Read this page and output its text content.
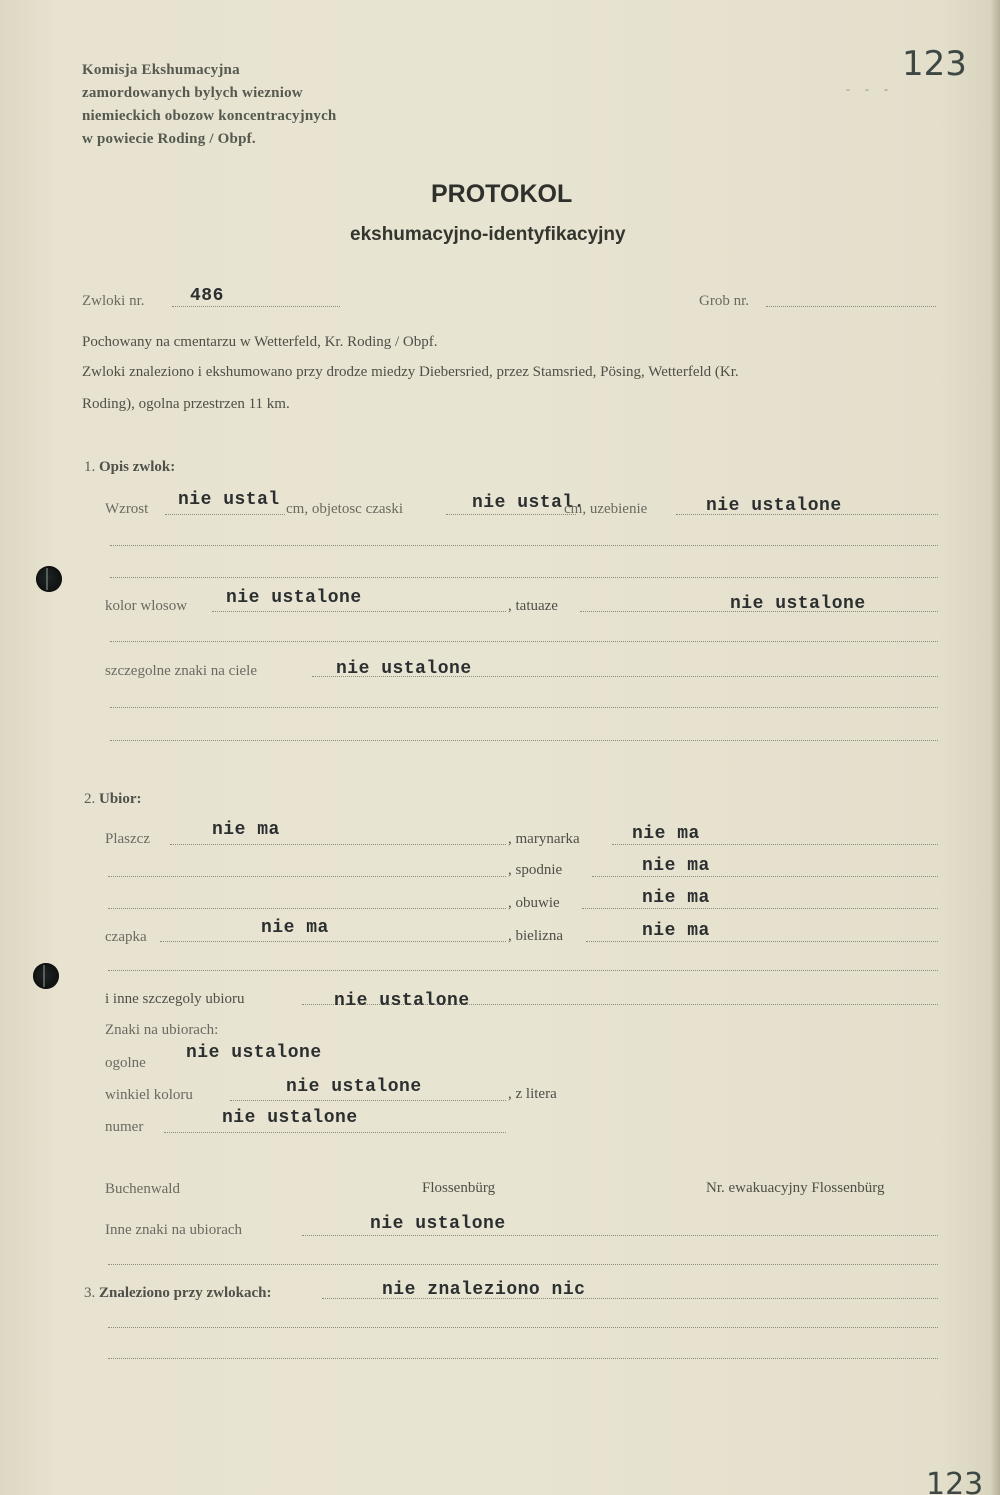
Komisja Ekshumacyjna
zamordowanych bylych wiezniow
niemieckich obozow koncentracyjnych
w powiecie Roding / Obpf.
123
- - -
PROTOKOL
ekshumacyjno-identyfikacyjny
Zwloki nr.	486	Grob nr.
Pochowany na cmentarzu w Wetterfeld, Kr. Roding / Obpf.
Zwloki znaleziono i ekshumowano przy drodze miedzy Diebersried, przez Stamsried, Pösing, Wetterfeld (Kr.
Roding), ogolna przestrzen 11 km.
1. Opis zwlok:
Wzrost nie ustal cm, objetosc czaski	nie ustal.
cm, uzebienie	nie ustalone
kolor wlosow nie ustalone	, tatuaze	nie ustalone
szczegolne znaki na ciele	nie ustalone
2. Ubior:
Plaszcz	nie ma	, marynarka	nie ma
, spodnie	nie ma
, obuwie	nie ma
czapka	nie ma	, bielizna	nie ma
i inne szczegoly ubioru	nie ustalone
Znaki na ubiorach:
ogolne nie ustalone
winkiel koloru	nie ustalone	, z litera
numer	nie ustalone
Buchenwald	Flossenbürg	Nr. ewakuacyjny Flossenbürg
Inne znaki na ubiorach	nie ustalone
3. Znaleziono przy zwlokach:	nie znaleziono nic
123
